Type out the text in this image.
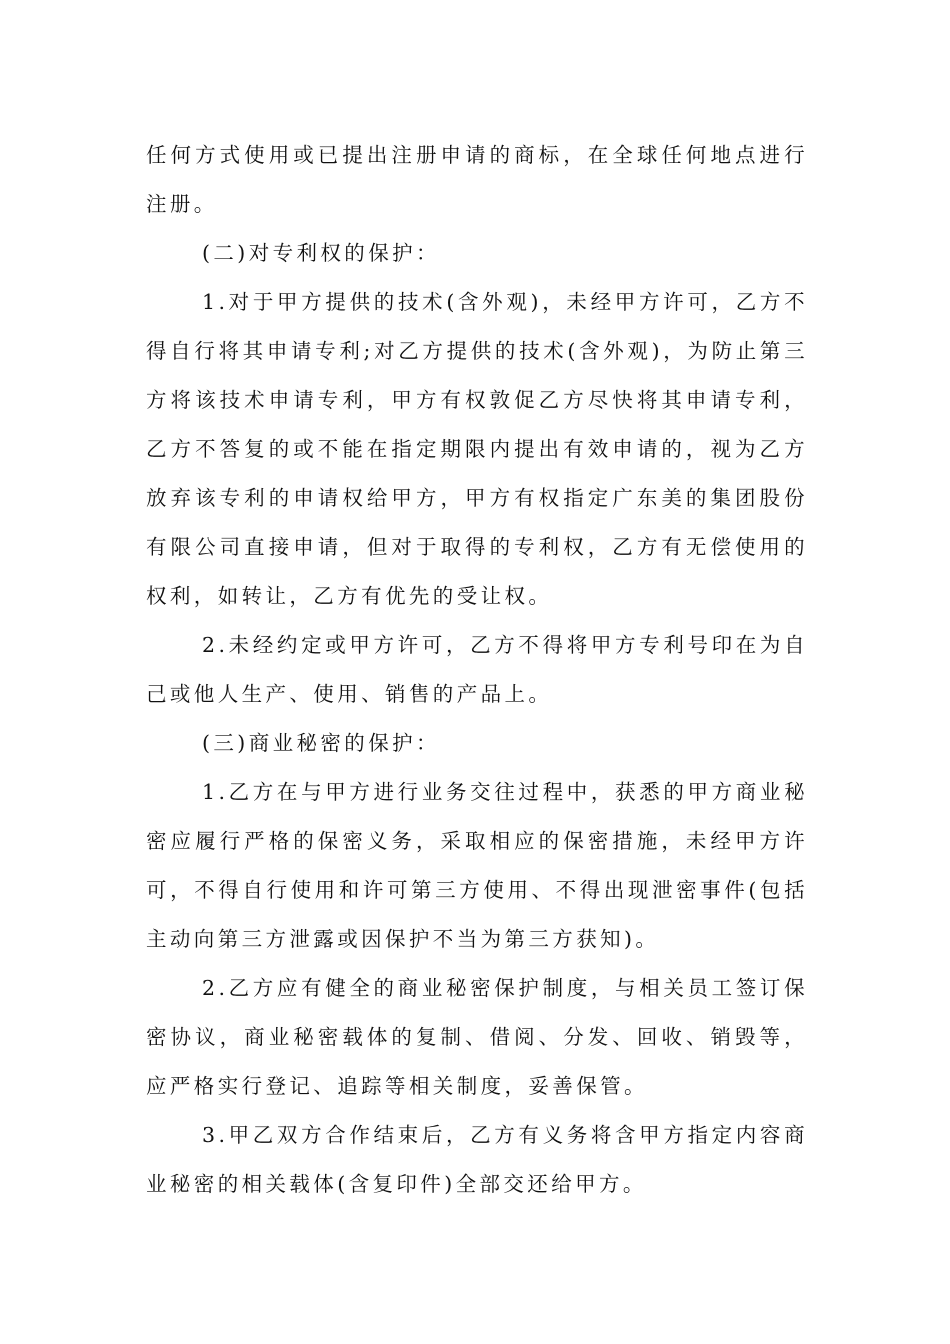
任何方式使用或已提出注册申请的商标，在全球任何地点进行注册。

(二)对专利权的保护：

1.对于甲方提供的技术(含外观)，未经甲方许可，乙方不得自行将其申请专利;对乙方提供的技术(含外观)，为防止第三方将该技术申请专利，甲方有权敦促乙方尽快将其申请专利，乙方不答复的或不能在指定期限内提出有效申请的，视为乙方放弃该专利的申请权给甲方，甲方有权指定广东美的集团股份有限公司直接申请，但对于取得的专利权，乙方有无偿使用的权利，如转让，乙方有优先的受让权。

2.未经约定或甲方许可，乙方不得将甲方专利号印在为自己或他人生产、使用、销售的产品上。

(三)商业秘密的保护：

1.乙方在与甲方进行业务交往过程中，获悉的甲方商业秘密应履行严格的保密义务，采取相应的保密措施，未经甲方许可，不得自行使用和许可第三方使用、不得出现泄密事件(包括主动向第三方泄露或因保护不当为第三方获知)。

2.乙方应有健全的商业秘密保护制度，与相关员工签订保密协议，商业秘密载体的复制、借阅、分发、回收、销毁等，应严格实行登记、追踪等相关制度，妥善保管。

3.甲乙双方合作结束后，乙方有义务将含甲方指定内容商业秘密的相关载体(含复印件)全部交还给甲方。
